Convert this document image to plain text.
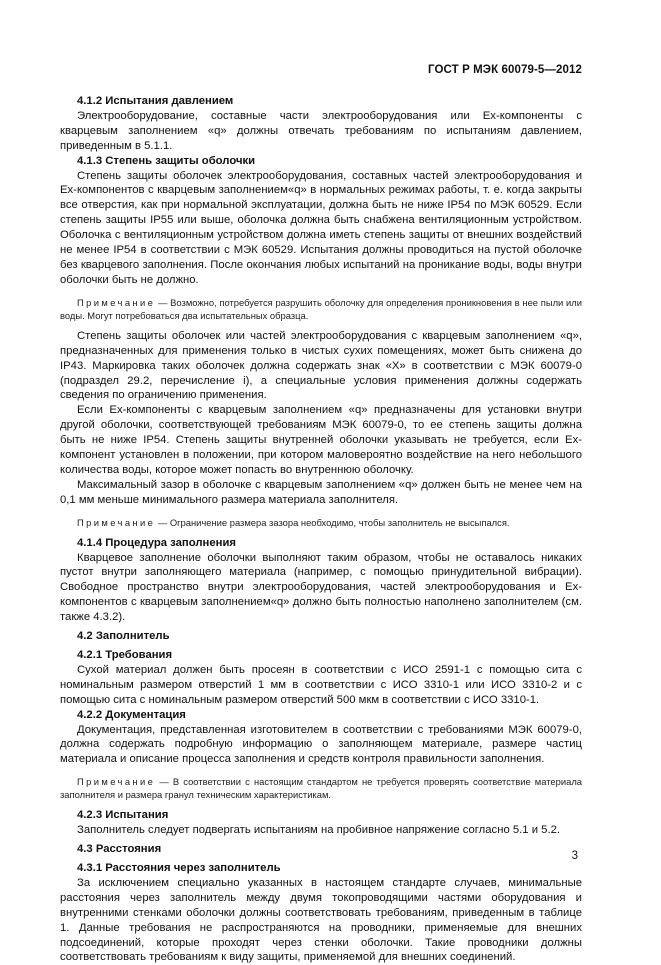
ГОСТ Р МЭК 60079-5—2012
4.1.2 Испытания давлением
Электрооборудование, составные части электрооборудования или Ex-компоненты с кварцевым заполнением «q» должны отвечать требованиям по испытаниям давлением, приведенным в 5.1.1.
4.1.3 Степень защиты оболочки
Степень защиты оболочек электрооборудования, составных частей электрооборудования и Ex-компонентов с кварцевым заполнением«q» в нормальных режимах работы, т. е. когда закрыты все отверстия, как при нормальной эксплуатации, должна быть не ниже IP54 по МЭК 60529. Если степень защиты IP55 или выше, оболочка должна быть снабжена вентиляционным устройством. Оболочка с вентиляционным устройством должна иметь степень защиты от внешних воздействий не менее IP54 в соответствии с МЭК 60529. Испытания должны проводиться на пустой оболочке без кварцевого заполнения. После окончания любых испытаний на проникание воды, воды внутри оболочки быть не должно.
Примечание — Возможно, потребуется разрушить оболочку для определения проникновения в нее пыли или воды. Могут потребоваться два испытательных образца.
Степень защиты оболочек или частей электрооборудования с кварцевым заполнением «q», предназначенных для применения только в чистых сухих помещениях, может быть снижена до IP43. Маркировка таких оболочек должна содержать знак «X» в соответствии с МЭК 60079-0 (подраздел 29.2, перечисление i), а специальные условия применения должны содержать сведения по ограничению применения.
Если Ex-компоненты с кварцевым заполнением «q» предназначены для установки внутри другой оболочки, соответствующей требованиям МЭК 60079-0, то ее степень защиты должна быть не ниже IP54. Степень защиты внутренней оболочки указывать не требуется, если Ex-компонент установлен в положении, при котором маловероятно воздействие на него небольшого количества воды, которое может попасть во внутреннюю оболочку.
Максимальный зазор в оболочке с кварцевым заполнением «q» должен быть не менее чем на 0,1 мм меньше минимального размера материала заполнителя.
Примечание — Ограничение размера зазора необходимо, чтобы заполнитель не высыпался.
4.1.4 Процедура заполнения
Кварцевое заполнение оболочки выполняют таким образом, чтобы не оставалось никаких пустот внутри заполняющего материала (например, с помощью принудительной вибрации). Свободное пространство внутри электрооборудования, частей электрооборудования и Ex-компонентов с кварцевым заполнением«q» должно быть полностью наполнено заполнителем (см. также 4.3.2).
4.2 Заполнитель
4.2.1 Требования
Сухой материал должен быть просеян в соответствии с ИСО 2591-1 с помощью сита с номинальным размером отверстий 1 мм в соответствии с ИСО 3310-1 или ИСО 3310-2 и с помощью сита с номинальным размером отверстий 500 мкм в соответствии с ИСО 3310-1.
4.2.2 Документация
Документация, представленная изготовителем в соответствии с требованиями МЭК 60079-0, должна содержать подробную информацию о заполняющем материале, размере частиц материала и описание процесса заполнения и средств контроля правильности заполнения.
Примечание — В соответствии с настоящим стандартом не требуется проверять соответствие материала заполнителя и размера гранул техническим характеристикам.
4.2.3 Испытания
Заполнитель следует подвергать испытаниям на пробивное напряжение согласно 5.1 и 5.2.
4.3 Расстояния
4.3.1 Расстояния через заполнитель
За исключением специально указанных в настоящем стандарте случаев, минимальные расстояния через заполнитель между двумя токопроводящими частями оборудования и внутренними стенками оболочки должны соответствовать требованиям, приведенным в таблице 1. Данные требования не распространяются на проводники, применяемые для внешних подсоединений, которые проходят через стенки оболочки. Такие проводники должны соответствовать требованиям к виду защиты, применяемой для внешних соединений.
3
